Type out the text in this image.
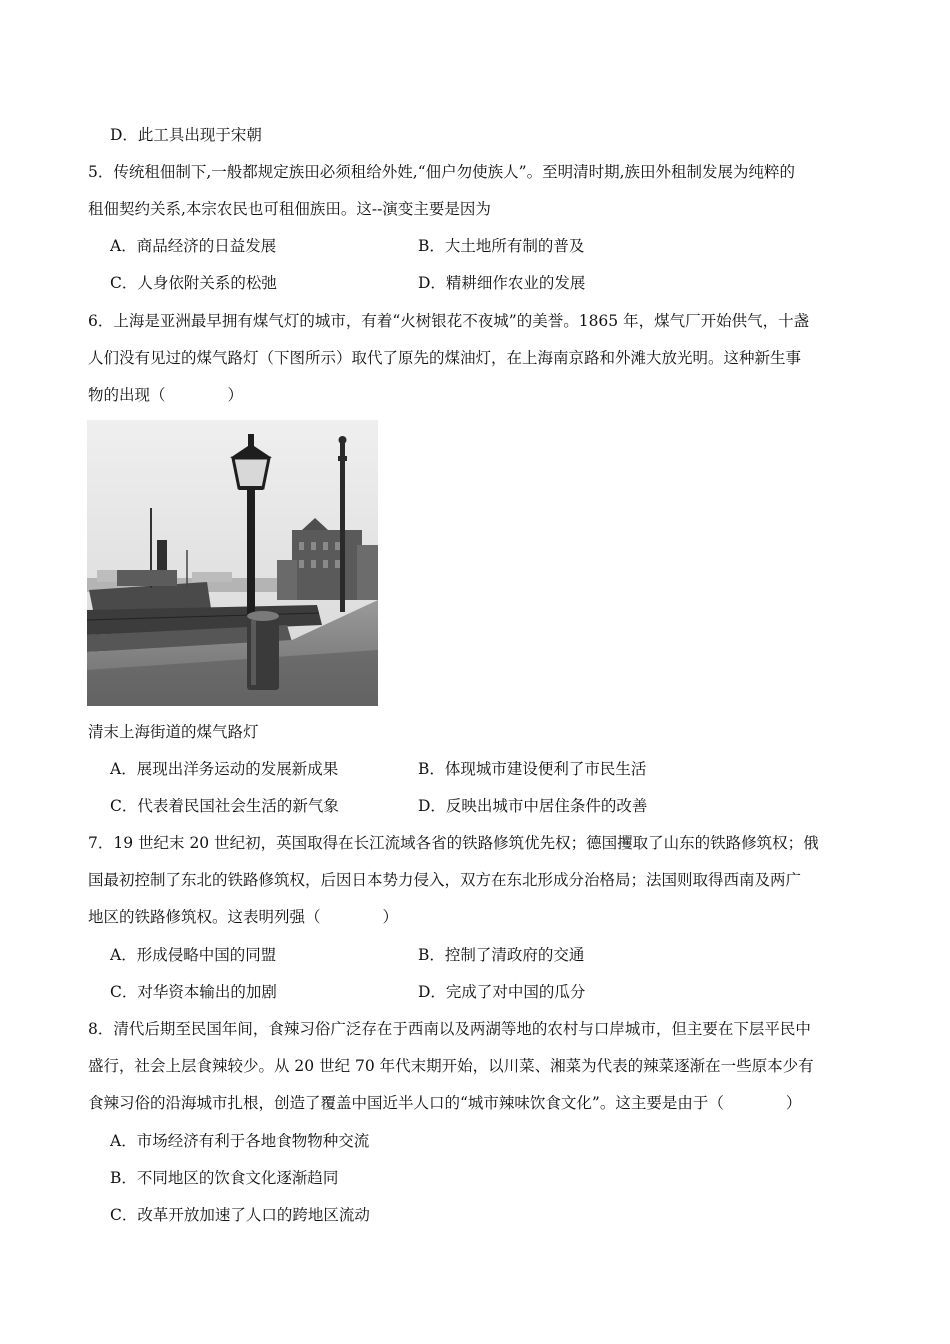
D．此工具出现于宋朝
5．传统租佃制下,一般都规定族田必须租给外姓,“佃户勿使族人”。至明清时期,族田外租制发展为纯粹的
租佃契约关系,本宗农民也可租佃族田。这--演变主要是因为
A．商品经济的日益发展	B．大土地所有制的普及
C．人身依附关系的松弛	D．精耕细作农业的发展
6．上海是亚洲最早拥有煤气灯的城市，有着“火树银花不夜城”的美誉。1865 年，煤气厂开始供气，十盏
人们没有见过的煤气路灯（下图所示）取代了原先的煤油灯，在上海南京路和外滩大放光明。这种新生事
物的出现（　　　　）
清末上海街道的煤气路灯
A．展现出洋务运动的发展新成果	B．体现城市建设便利了市民生活
C．代表着民国社会生活的新气象	D．反映出城市中居住条件的改善
7．19 世纪末 20 世纪初，英国取得在长江流域各省的铁路修筑优先权；德国攫取了山东的铁路修筑权；俄
国最初控制了东北的铁路修筑权，后因日本势力侵入，双方在东北形成分治格局；法国则取得西南及两广
地区的铁路修筑权。这表明列强（　　　　）
A．形成侵略中国的同盟	B．控制了清政府的交通
C．对华资本输出的加剧	D．完成了对中国的瓜分
8．清代后期至民国年间，食辣习俗广泛存在于西南以及两湖等地的农村与口岸城市，但主要在下层平民中
盛行，社会上层食辣较少。从 20 世纪 70 年代末期开始，以川菜、湘菜为代表的辣菜逐渐在一些原本少有
食辣习俗的沿海城市扎根，创造了覆盖中国近半人口的“城市辣味饮食文化”。这主要是由于（　　　　）
A．市场经济有利于各地食物物种交流
B．不同地区的饮食文化逐渐趋同
C．改革开放加速了人口的跨地区流动
